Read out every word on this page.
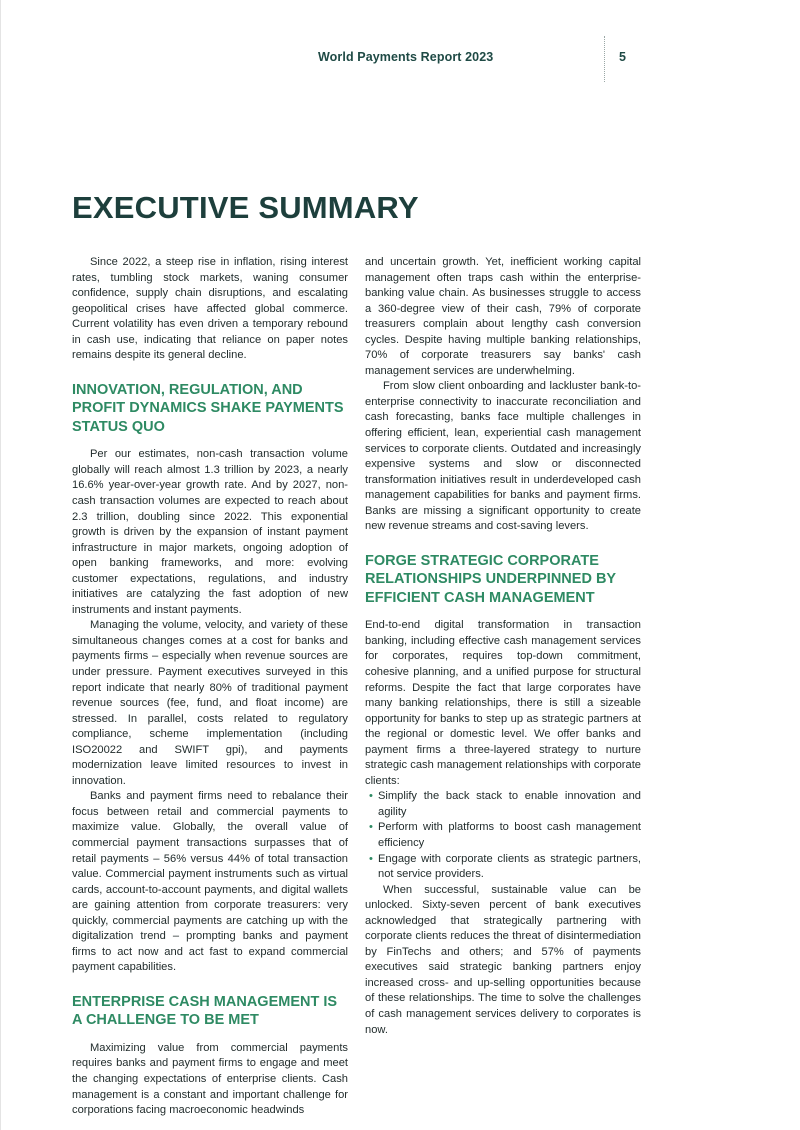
World Payments Report 2023	5
EXECUTIVE SUMMARY

Since 2022, a steep rise in inflation, rising interest rates, tumbling stock markets, waning consumer confidence, supply chain disruptions, and escalating geopolitical crises have affected global commerce. Current volatility has even driven a temporary rebound in cash use, indicating that reliance on paper notes remains despite its general decline.

INNOVATION, REGULATION, AND PROFIT DYNAMICS SHAKE PAYMENTS STATUS QUO

Per our estimates, non-cash transaction volume globally will reach almost 1.3 trillion by 2023, a nearly 16.6% year-over-year growth rate. And by 2027, non-cash transaction volumes are expected to reach about 2.3 trillion, doubling since 2022. This exponential growth is driven by the expansion of instant payment infrastructure in major markets, ongoing adoption of open banking frameworks, and more: evolving customer expectations, regulations, and industry initiatives are catalyzing the fast adoption of new instruments and instant payments.

Managing the volume, velocity, and variety of these simultaneous changes comes at a cost for banks and payments firms – especially when revenue sources are under pressure. Payment executives surveyed in this report indicate that nearly 80% of traditional payment revenue sources (fee, fund, and float income) are stressed. In parallel, costs related to regulatory compliance, scheme implementation (including ISO20022 and SWIFT gpi), and payments modernization leave limited resources to invest in innovation.

Banks and payment firms need to rebalance their focus between retail and commercial payments to maximize value. Globally, the overall value of commercial payment transactions surpasses that of retail payments – 56% versus 44% of total transaction value. Commercial payment instruments such as virtual cards, account-to-account payments, and digital wallets are gaining attention from corporate treasurers: very quickly, commercial payments are catching up with the digitalization trend – prompting banks and payment firms to act now and act fast to expand commercial payment capabilities.

ENTERPRISE CASH MANAGEMENT IS A CHALLENGE TO BE MET

Maximizing value from commercial payments requires banks and payment firms to engage and meet the changing expectations of enterprise clients. Cash management is a constant and important challenge for corporations facing macroeconomic headwinds

and uncertain growth. Yet, inefficient working capital management often traps cash within the enterprise-banking value chain. As businesses struggle to access a 360-degree view of their cash, 79% of corporate treasurers complain about lengthy cash conversion cycles. Despite having multiple banking relationships, 70% of corporate treasurers say banks' cash management services are underwhelming.

From slow client onboarding and lackluster bank-to-enterprise connectivity to inaccurate reconciliation and cash forecasting, banks face multiple challenges in offering efficient, lean, experiential cash management services to corporate clients. Outdated and increasingly expensive systems and slow or disconnected transformation initiatives result in underdeveloped cash management capabilities for banks and payment firms. Banks are missing a significant opportunity to create new revenue streams and cost-saving levers.

FORGE STRATEGIC CORPORATE RELATIONSHIPS UNDERPINNED BY EFFICIENT CASH MANAGEMENT

End-to-end digital transformation in transaction banking, including effective cash management services for corporates, requires top-down commitment, cohesive planning, and a unified purpose for structural reforms. Despite the fact that large corporates have many banking relationships, there is still a sizeable opportunity for banks to step up as strategic partners at the regional or domestic level. We offer banks and payment firms a three-layered strategy to nurture strategic cash management relationships with corporate clients:

• Simplify the back stack to enable innovation and agility
• Perform with platforms to boost cash management efficiency
• Engage with corporate clients as strategic partners, not service providers.

When successful, sustainable value can be unlocked. Sixty-seven percent of bank executives acknowledged that strategically partnering with corporate clients reduces the threat of disintermediation by FinTechs and others; and 57% of payments executives said strategic banking partners enjoy increased cross- and up-selling opportunities because of these relationships. The time to solve the challenges of cash management services delivery to corporates is now.
